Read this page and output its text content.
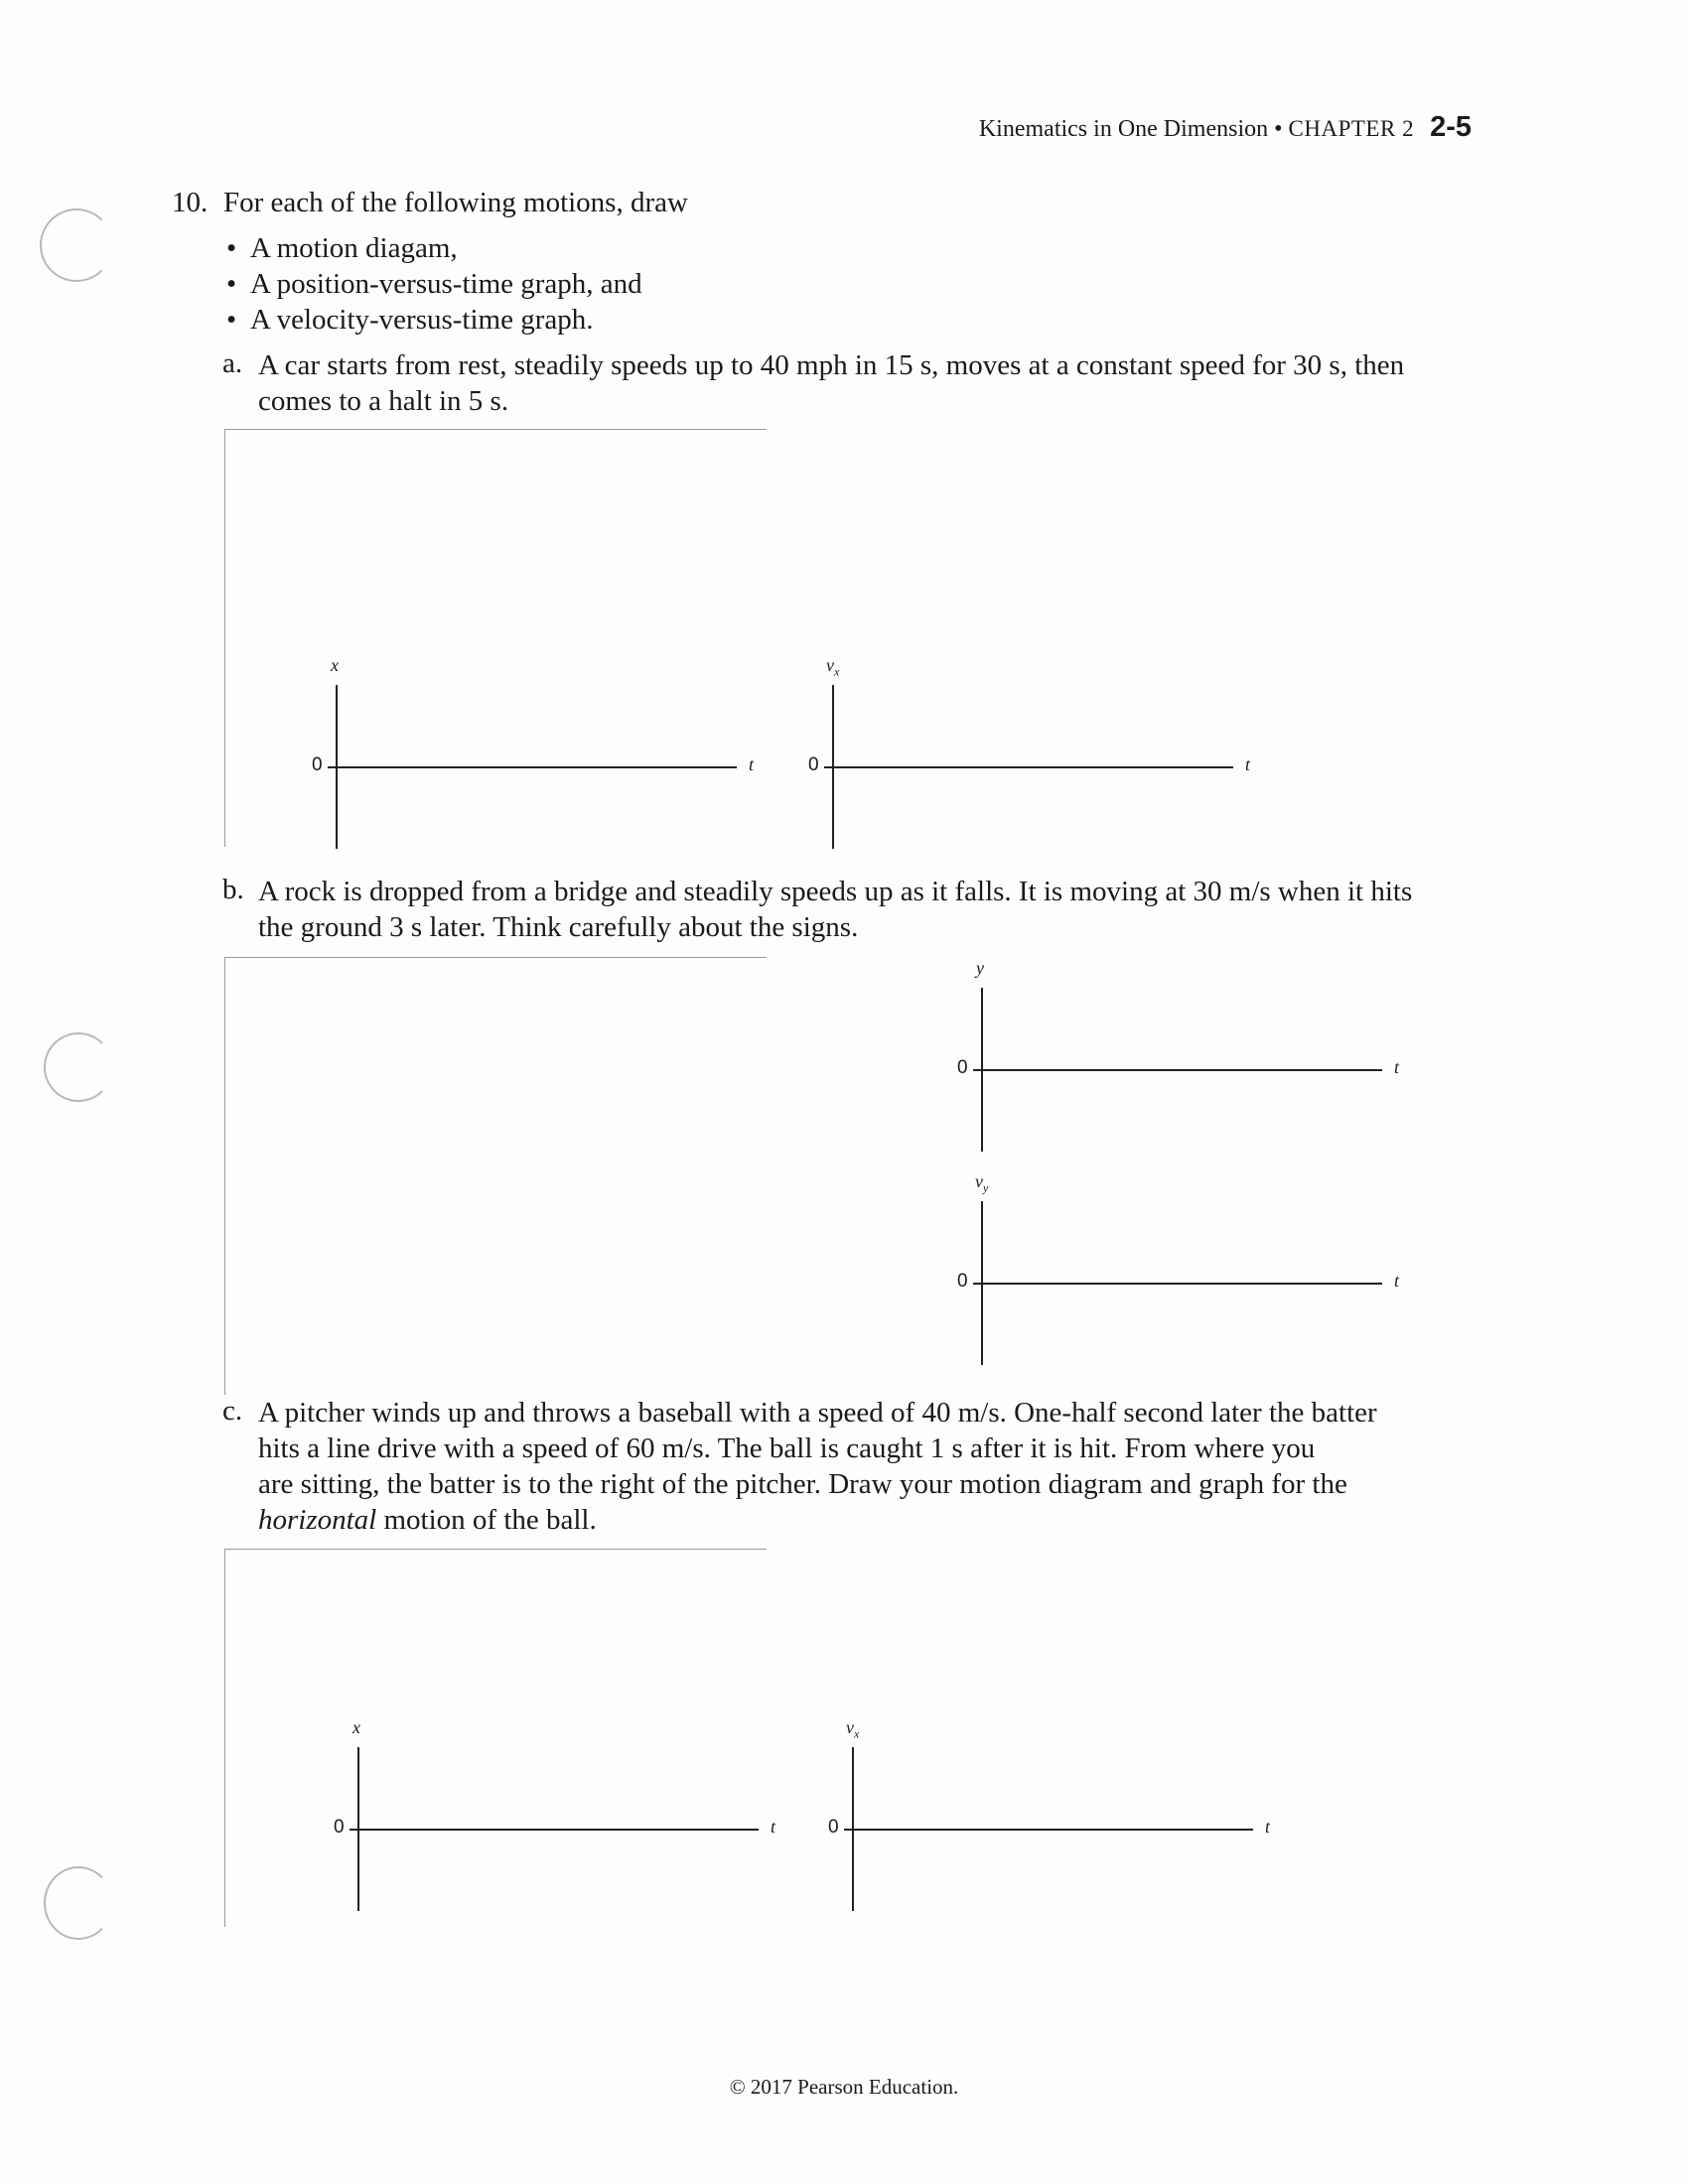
Kinematics in One Dimension • CHAPTER 2 2-5
10. For each of the following motions, draw
• A motion diagam,
• A position-versus-time graph, and
• A velocity-versus-time graph.
a. A car starts from rest, steadily speeds up to 40 mph in 15 s, moves at a constant speed for 30 s, then
comes to a halt in 5 s.
x
0	t
$v_x$
0	t
b. A rock is dropped from a bridge and steadily speeds up as it falls. It is moving at 30 m/s when it hits
the ground 3 s later. Think carefully about the signs.
y
0	t
$v_y$
0	t
c. A pitcher winds up and throws a baseball with a speed of 40 m/s. One-half second later the batter
hits a line drive with a speed of 60 m/s. The ball is caught 1 s after it is hit. From where you
are sitting, the batter is to the right of the pitcher. Draw your motion diagram and graph for the
horizontal motion of the ball.
x
0	t
$v_x$
0	t
© 2017 Pearson Education.
